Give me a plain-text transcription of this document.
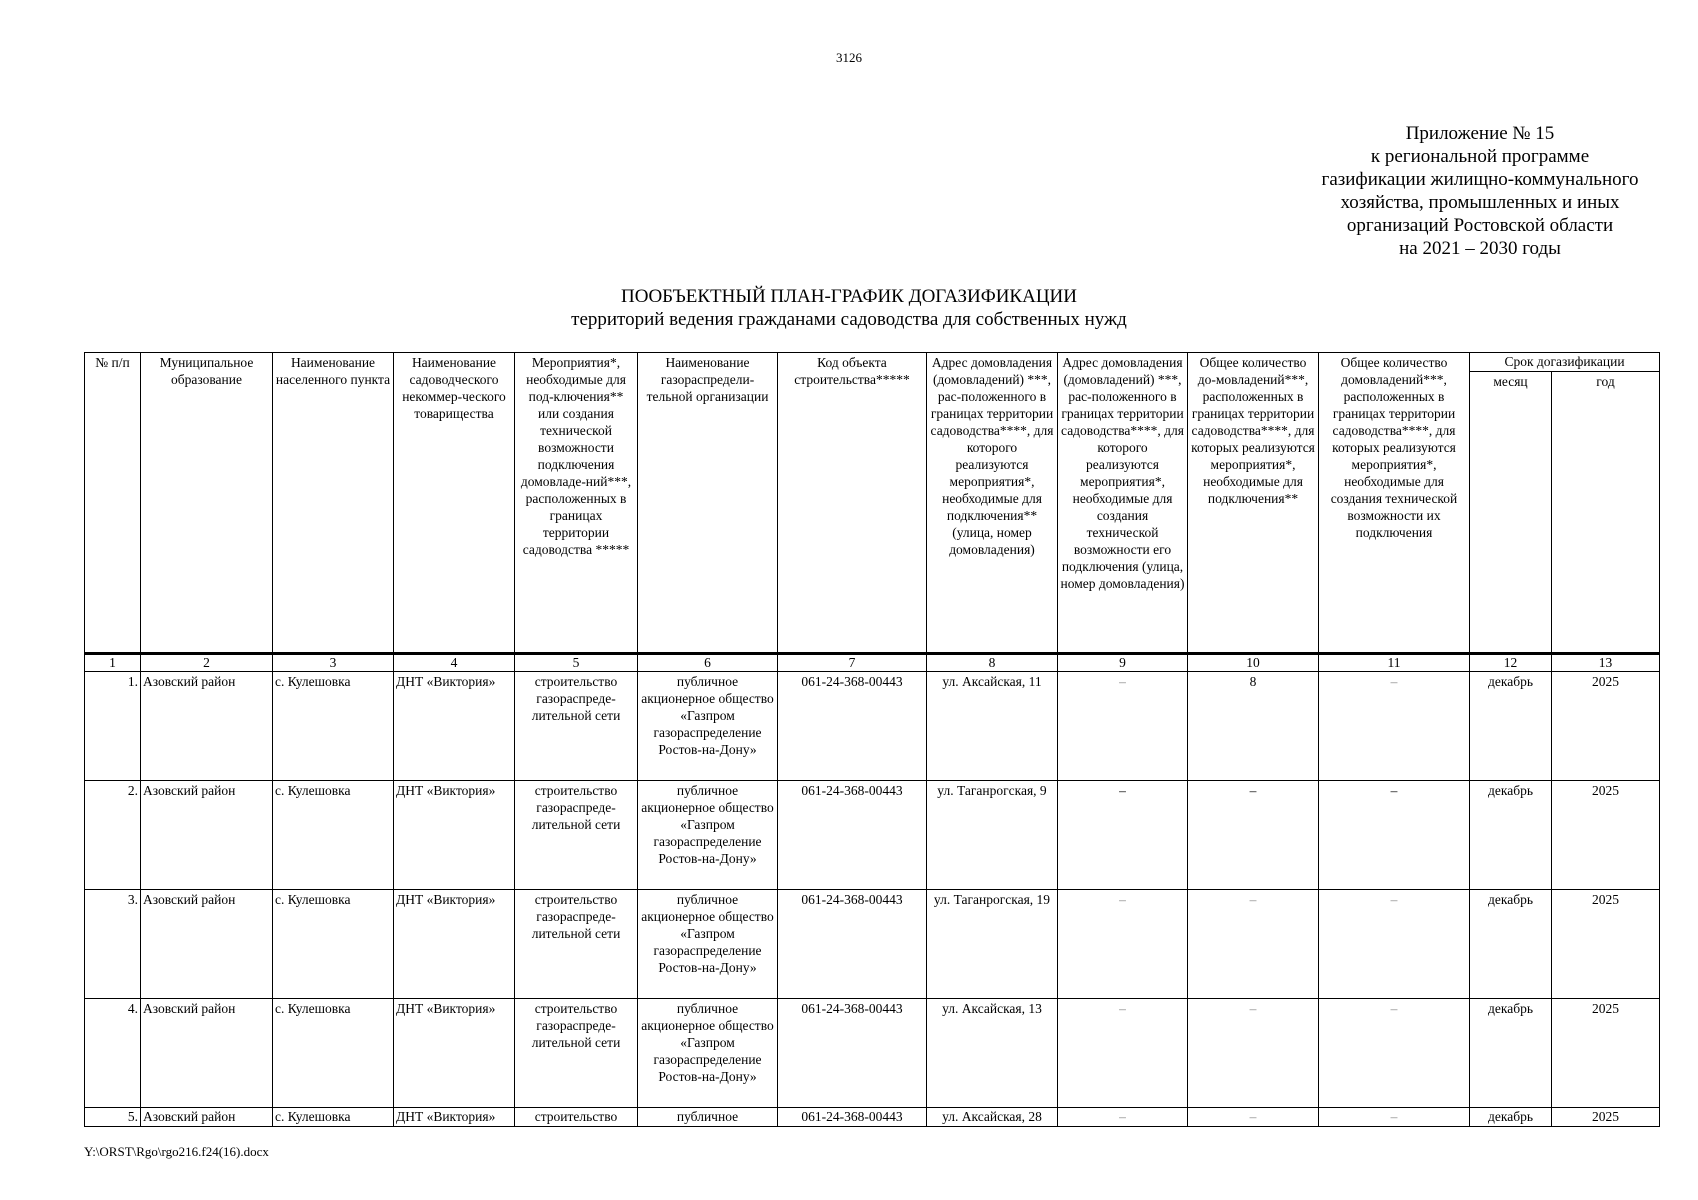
3126
Приложение № 15
к региональной программе
газификации жилищно-коммунального
хозяйства, промышленных и иных
организаций Ростовской области
на 2021 – 2030 годы
ПООБЪЕКТНЫЙ ПЛАН-ГРАФИК ДОГАЗИФИКАЦИИ
территорий ведения гражданами садоводства для собственных нужд
№ п/п	Муниципальное образование	Наименование населенного пункта	Наименование садоводческого некоммер-ческого товарищества	Мероприятия*, необходимые для под-ключения** или создания технической возможности подключения домовладе-ний***, расположенных в границах территории садоводства *****	Наименование газораспредели-тельной организации	Код объекта строительства*****	Адрес домовладения (домовладений) ***, рас-положенного в границах территории садоводства****, для которого реализуются мероприятия*, необходимые для подключения** (улица, номер домовладения)	Адрес домовладения (домовладений) ***, рас-положенного в границах территории садоводства****, для которого реализуются мероприятия*, необходимые для создания технической возможности его подключения (улица, номер домовладения)	Общее количество до-мовладений***, расположенных в границах территории садоводства****, для которых реализуются мероприятия*, необходимые для подключения**	Общее количество домовладений***, расположенных в границах территории садоводства****, для которых реализуются мероприятия*, необходимые для создания технической возможности их подключения	Срок догазификации	
											месяц	год
1	2	3	4	5	6	7	8	9	10	11	12	13
1.	Азовский район	с. Кулешовка	ДНТ «Виктория»	строительство газораспреде-лительной сети	публичное акционерное общество «Газпром газораспределение Ростов-на-Дону»	061-24-368-00443	ул. Аксайская, 11	–	8	–	декабрь	2025
2.	Азовский район	с. Кулешовка	ДНТ «Виктория»	строительство газораспреде-лительной сети	публичное акционерное общество «Газпром газораспределение Ростов-на-Дону»	061-24-368-00443	ул. Таганрогская, 9	–	–	–	декабрь	2025
3.	Азовский район	с. Кулешовка	ДНТ «Виктория»	строительство газораспреде-лительной сети	публичное акционерное общество «Газпром газораспределение Ростов-на-Дону»	061-24-368-00443	ул. Таганрогская, 19	–	–	–	декабрь	2025
4.	Азовский район	с. Кулешовка	ДНТ «Виктория»	строительство газораспреде-лительной сети	публичное акционерное общество «Газпром газораспределение Ростов-на-Дону»	061-24-368-00443	ул. Аксайская, 13	–	–	–	декабрь	2025
5.	Азовский район	с. Кулешовка	ДНТ «Виктория»	строительство	публичное	061-24-368-00443	ул. Аксайская, 28	–	–	–	декабрь	2025
Y:\ORST\Rgo\rgo216.f24(16).docx
